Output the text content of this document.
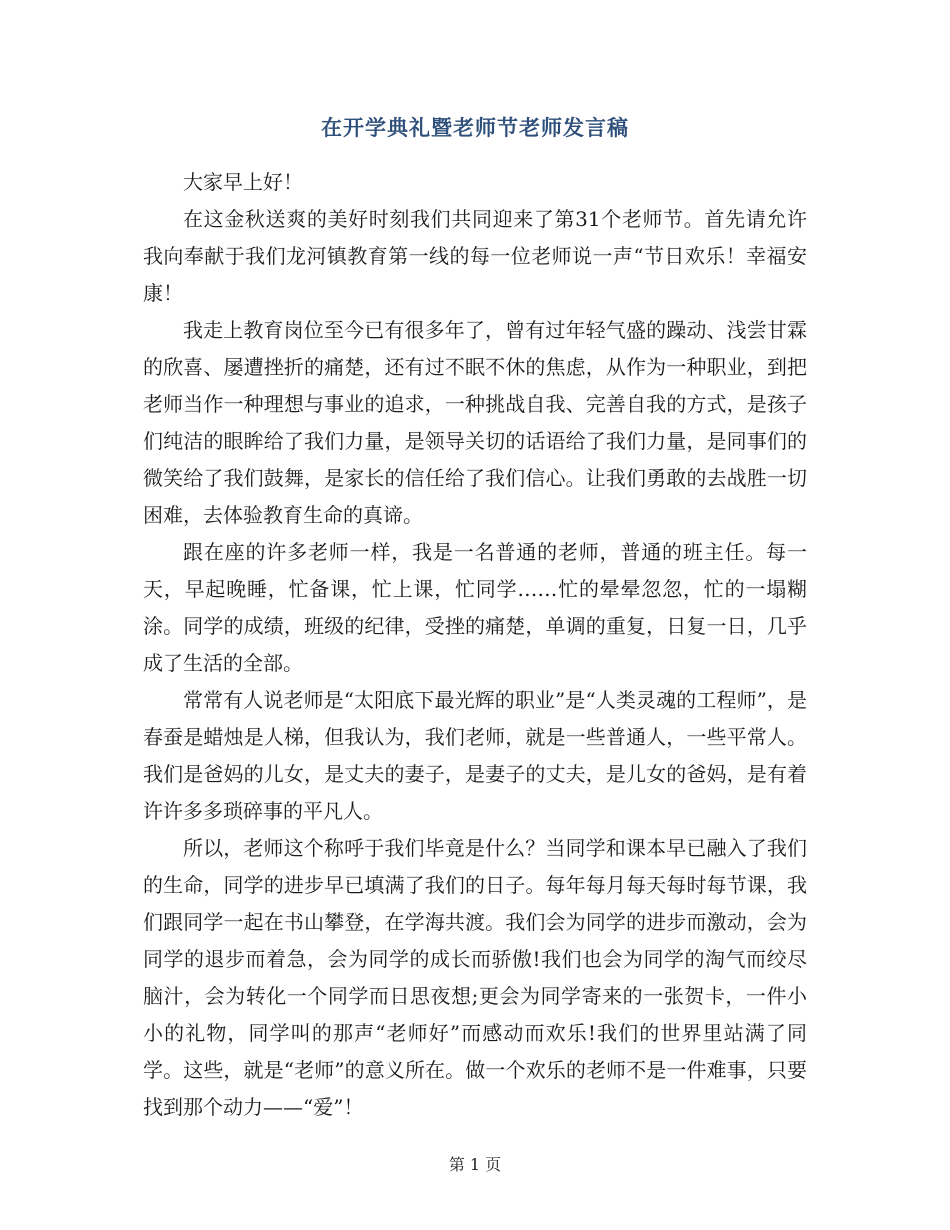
在开学典礼暨老师节老师发言稿

大家早上好！

在这金秋送爽的美好时刻我们共同迎来了第31个老师节。首先请允许我向奉献于我们龙河镇教育第一线的每一位老师说一声“节日欢乐！幸福安康！

我走上教育岗位至今已有很多年了，曾有过年轻气盛的躁动、浅尝甘霖的欣喜、屡遭挫折的痛楚，还有过不眠不休的焦虑，从作为一种职业，到把老师当作一种理想与事业的追求，一种挑战自我、完善自我的方式，是孩子们纯洁的眼眸给了我们力量，是领导关切的话语给了我们力量，是同事们的微笑给了我们鼓舞，是家长的信任给了我们信心。让我们勇敢的去战胜一切困难，去体验教育生命的真谛。

跟在座的许多老师一样，我是一名普通的老师，普通的班主任。每一天，早起晚睡，忙备课，忙上课，忙同学……忙的晕晕忽忽，忙的一塌糊涂。同学的成绩，班级的纪律，受挫的痛楚，单调的重复，日复一日，几乎成了生活的全部。

常常有人说老师是“太阳底下最光辉的职业”是“人类灵魂的工程师”，是春蚕是蜡烛是人梯，但我认为，我们老师，就是一些普通人，一些平常人。我们是爸妈的儿女，是丈夫的妻子，是妻子的丈夫，是儿女的爸妈，是有着许许多多琐碎事的平凡人。

所以，老师这个称呼于我们毕竟是什么？当同学和课本早已融入了我们的生命，同学的进步早已填满了我们的日子。每年每月每天每时每节课，我们跟同学一起在书山攀登，在学海共渡。我们会为同学的进步而激动，会为同学的退步而着急，会为同学的成长而骄傲!我们也会为同学的淘气而绞尽脑汁，会为转化一个同学而日思夜想;更会为同学寄来的一张贺卡，一件小小的礼物，同学叫的那声“老师好”而感动而欢乐!我们的世界里站满了同学。这些，就是“老师”的意义所在。做一个欢乐的老师不是一件难事，只要找到那个动力——“爱”！

第 1 页
